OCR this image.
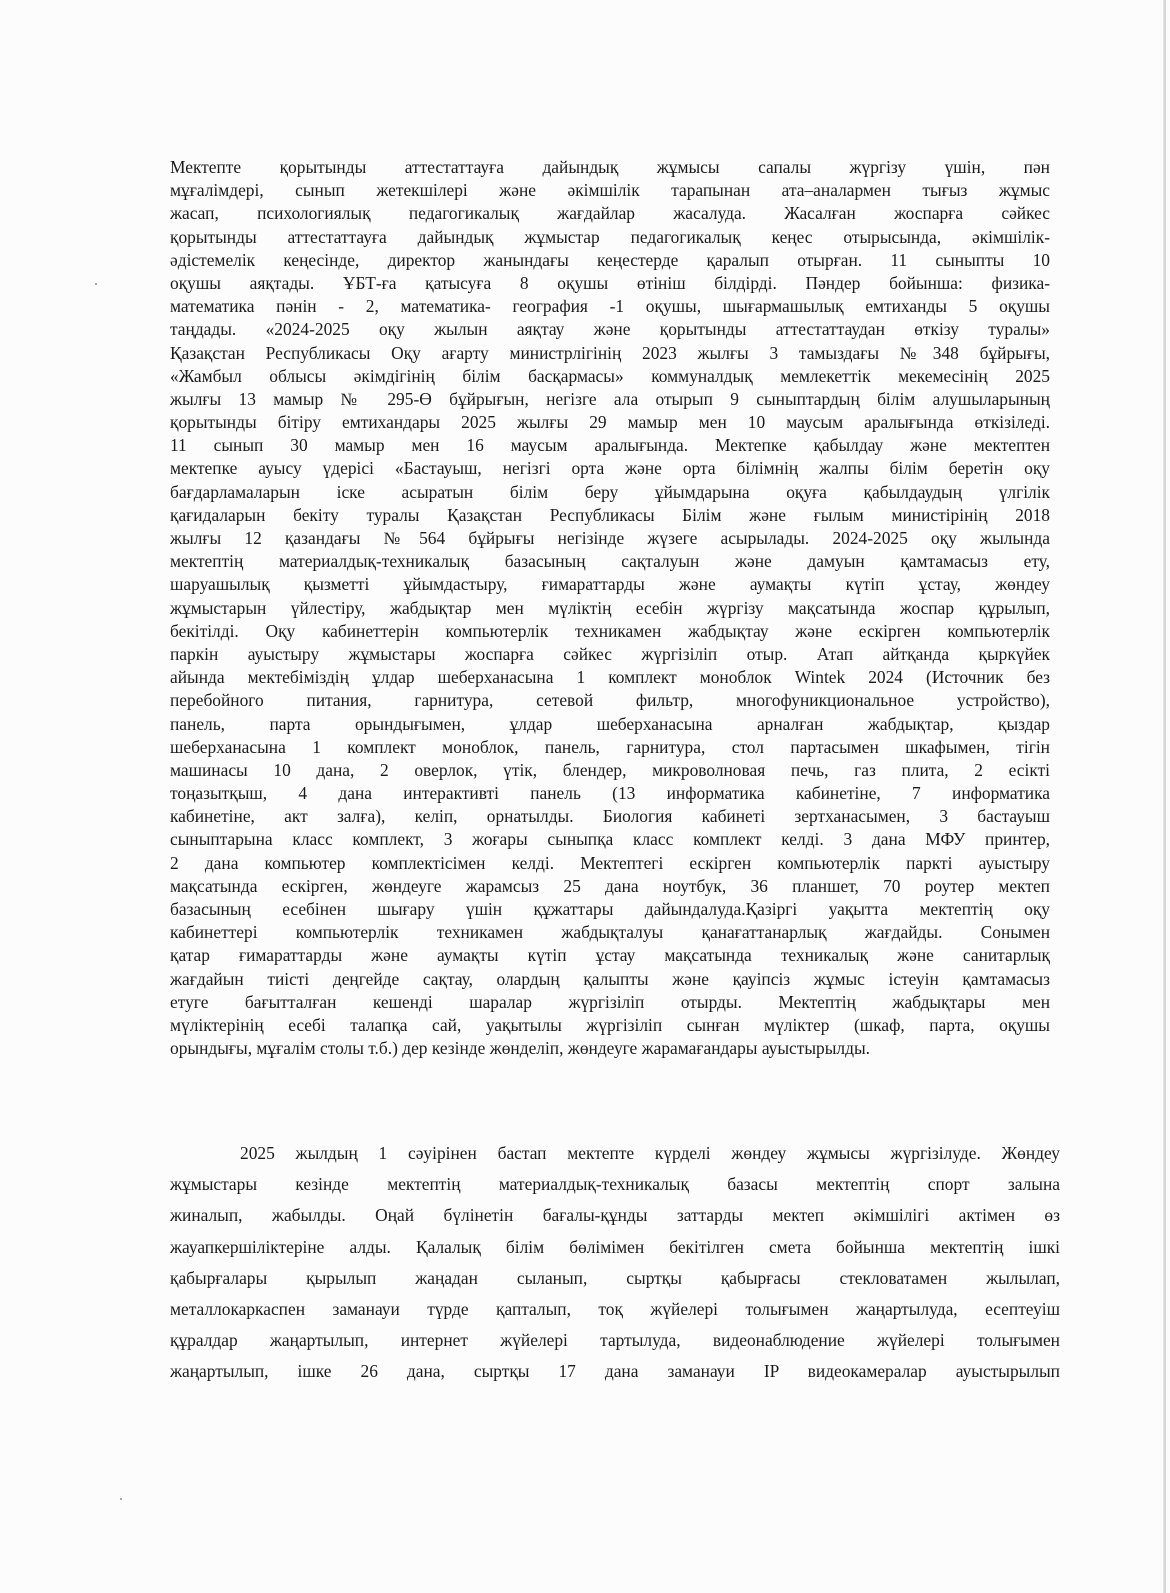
Мектепте қорытынды аттестаттауға дайындық жұмысы сапалы жүргізу үшін, пән
мұғалімдері, сынып жетекшілері және әкімшілік тарапынан ата–аналармен тығыз жұмыс
жасап, психологиялық педагогикалық жағдайлар жасалуда. Жасалған жоспарға сәйкес
қорытынды аттестаттауға дайындық жұмыстар педагогикалық кеңес отырысында, әкімшілік-
әдістемелік кеңесінде, директор жанындағы кеңестерде қаралып отырған. 11 сыныпты 10
оқушы аяқтады. ҰБТ-ға қатысуға 8 оқушы өтініш білдірді. Пәндер бойынша: физика-
математика пәнін - 2, математика- география -1 оқушы, шығармашылық емтиханды 5 оқушы
таңдады. «2024-2025 оқу жылын аяқтау және қорытынды аттестаттаудан өткізу туралы»
Қазақстан Республикасы Оқу ағарту министрлігінің 2023 жылғы 3 тамыздағы №348 бұйрығы,
«Жамбыл облысы әкімдігінің білім басқармасы» коммуналдық мемлекеттік мекемесінің 2025
жылғы 13 мамыр № 295-Ө бұйрығын, негізге ала отырып 9 сыныптардың білім алушыларының
қорытынды бітіру емтихандары 2025 жылғы 29 мамыр мен 10 маусым аралығында өткізіледі.
11 сынып 30 мамыр мен 16 маусым аралығында. Мектепке қабылдау және мектептен
мектепке ауысу үдерісі «Бастауыш, негізгі орта және орта білімнің жалпы білім беретін оқу
бағдарламаларын іске асыратын білім беру ұйымдарына оқуға қабылдаудың үлгілік
қағидаларын бекіту туралы Қазақстан Республикасы Білім және ғылым министірінің 2018
жылғы 12 қазандағы №564 бұйрығы негізінде жүзеге асырылады. 2024-2025 оқу жылында
мектептің материалдық-техникалық базасының сақталуын және дамуын қамтамасыз ету,
шаруашылық қызметті ұйымдастыру, ғимараттарды және аумақты күтіп ұстау, жөндеу
жұмыстарын үйлестіру, жабдықтар мен мүліктің есебін жүргізу мақсатында жоспар құрылып,
бекітілді. Оқу кабинеттерін компьютерлік техникамен жабдықтау және ескірген компьютерлік
паркін ауыстыру жұмыстары жоспарға сәйкес жүргізіліп отыр. Атап айтқанда қыркүйек
айында мектебіміздің ұлдар шеберханасына 1 комплект моноблок Wintek 2024 (Источник без
перебойного питания, гарнитура, сетевой фильтр, многофуникциональное устройство),
панель, парта орындығымен, ұлдар шеберханасына арналған жабдықтар, қыздар
шеберханасына 1 комплект моноблок, панель, гарнитура, стол партасымен шкафымен, тігін
машинасы 10 дана, 2 оверлок, үтік, блендер, микроволновая печь, газ плита, 2 есікті
тоңазытқыш, 4 дана интерактивті панель (13 информатика кабинетіне, 7 информатика
кабинетіне, акт залға), келіп, орнатылды. Биология кабинеті зертханасымен, 3 бастауыш
сыныптарына класс комплект, 3 жоғары сыныпқа класс комплект келді. 3 дана МФУ принтер,
2 дана компьютер комплектісімен келді. Мектептегі ескірген компьютерлік паркті ауыстыру
мақсатында ескірген, жөндеуге жарамсыз 25 дана ноутбук, 36 планшет, 70 роутер мектеп
базасының есебінен шығару үшін құжаттары дайындалуда.Қазіргі уақытта мектептің оқу
кабинеттері компьютерлік техникамен жабдықталуы қанағаттанарлық жағдайды. Сонымен
қатар ғимараттарды және аумақты күтіп ұстау мақсатында техникалық және санитарлық
жағдайын тиісті деңгейде сақтау, олардың қалыпты және қауіпсіз жұмыс істеуін қамтамасыз
етуге бағытталған кешенді шаралар жүргізіліп отырды. Мектептің жабдықтары мен
мүліктерінің есебі талапқа сай, уақытылы жүргізіліп сынған мүліктер (шкаф, парта, оқушы
орындығы, мұғалім столы т.б.) дер кезінде жөнделіп, жөндеуге жарамағандары ауыстырылды.
2025 жылдың 1 сәуірінен бастап мектепте күрделі жөндеу жұмысы жүргізілуде. Жөндеу
жұмыстары кезінде мектептің материалдық-техникалық базасы мектептің спорт залына
жиналып, жабылды. Оңай бүлінетін бағалы-құнды заттарды мектеп әкімшілігі актімен өз
жауапкершіліктеріне алды. Қалалық білім бөлімімен бекітілген смета бойынша мектептің ішкі
қабырғалары қырылып жаңадан сыланып, сыртқы қабырғасы стекловатамен жылылап,
металлокаркаспен заманауи түрде қапталып, тоқ жүйелері толығымен жаңартылуда, есептеуіш
құралдар жаңартылып, интернет жүйелері тартылуда, видеонаблюдение жүйелері толығымен
жаңартылып, ішке 26 дана, сыртқы 17 дана заманауи IP видеокамералар ауыстырылып
